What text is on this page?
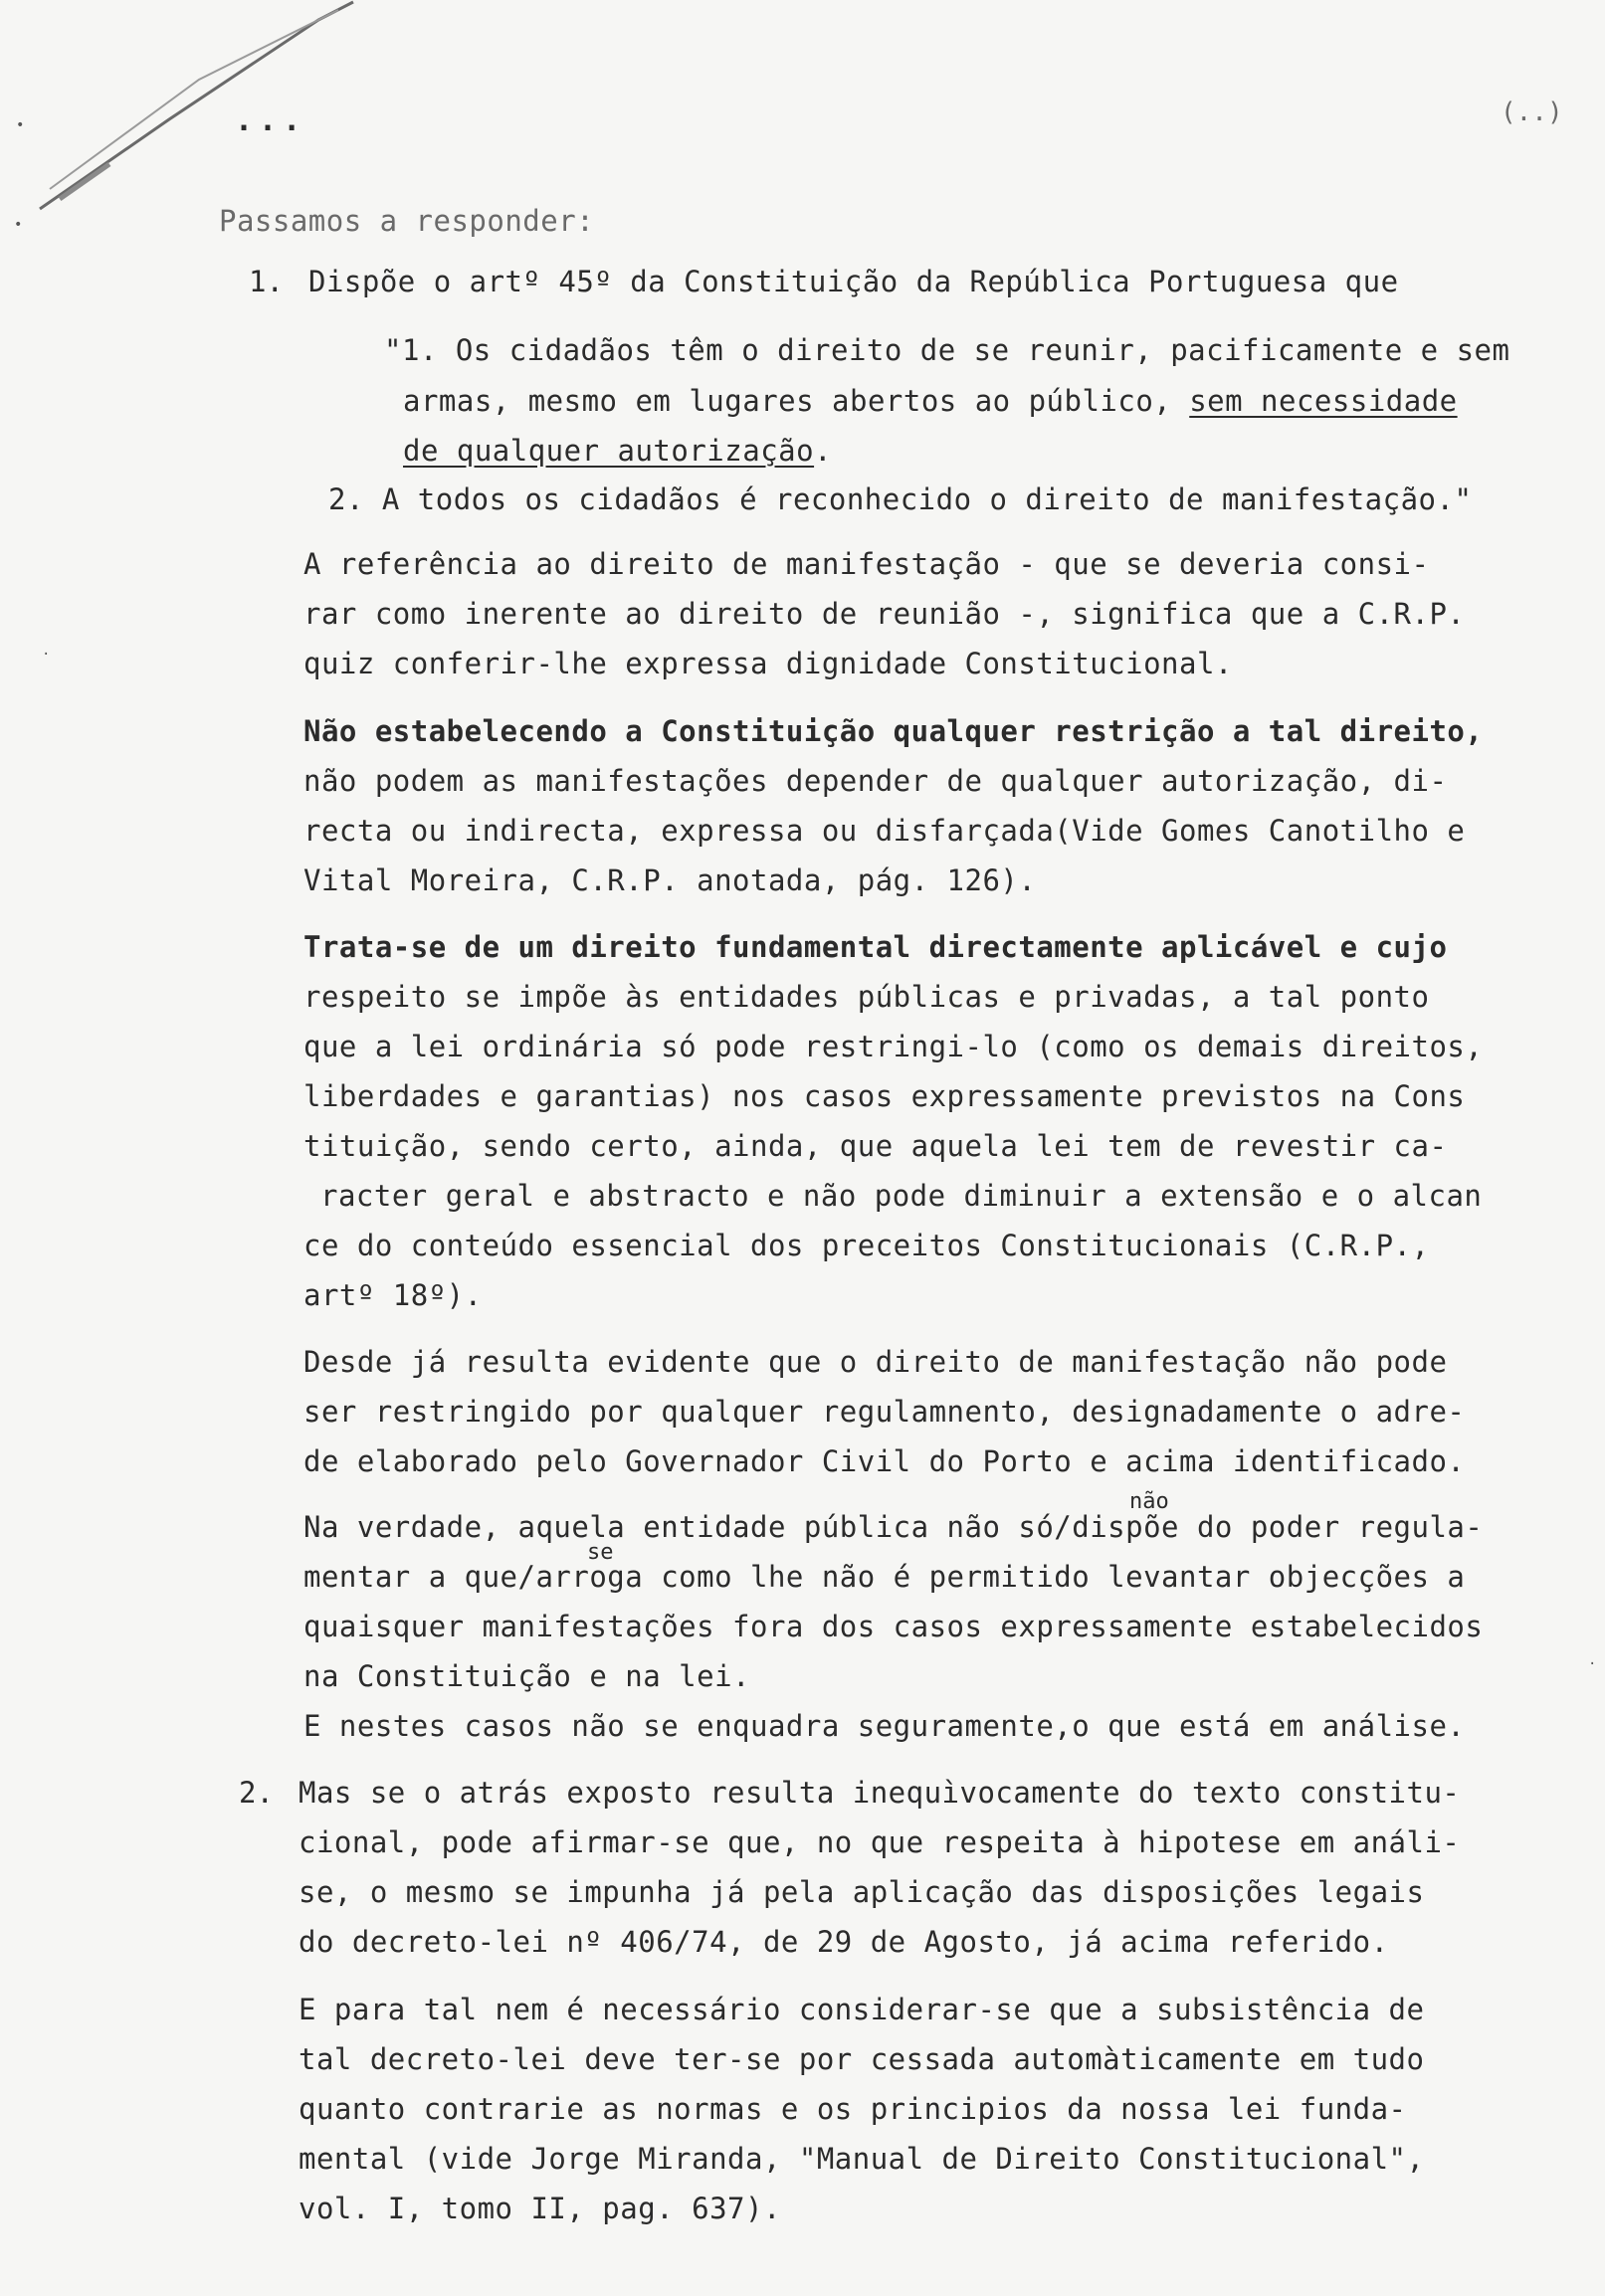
•
•
·
·
...	(..)
Passamos a responder:
1. Dispõe o artº 45º da Constituição da República Portuguesa que
"1. Os cidadãos têm o direito de se reunir, pacificamente e sem
armas, mesmo em lugares abertos ao público, sem necessidade
de qualquer autorização.
2. A todos os cidadãos é reconhecido o direito de manifestação."
A referência ao direito de manifestação - que se deveria consi-
rar como inerente ao direito de reunião -, significa que a C.R.P.
quiz conferir-lhe expressa dignidade Constitucional.
Não estabelecendo a Constituição qualquer restrição a tal direito,
não podem as manifestações depender de qualquer autorização, di-
recta ou indirecta, expressa ou disfarçada(Vide Gomes Canotilho e
Vital Moreira, C.R.P. anotada, pág. 126).
Trata-se de um direito fundamental directamente aplicável e cujo
respeito se impõe às entidades públicas e privadas, a tal ponto
que a lei ordinária só pode restringi-lo (como os demais direitos,
liberdades e garantias) nos casos expressamente previstos na Cons
tituição, sendo certo, ainda, que aquela lei tem de revestir ca-
racter geral e abstracto e não pode diminuir a extensão e o alcan
ce do conteúdo essencial dos preceitos Constitucionais (C.R.P.,
artº 18º).
Desde já resulta evidente que o direito de manifestação não pode
ser restringido por qualquer regulamnento, designadamente o adre-
de elaborado pelo Governador Civil do Porto e acima identificado.
não
Na verdade, aquela entidade pública não só/dispõe do poder regula-
se
mentar a que/arroga como lhe não é permitido levantar objecções a
quaisquer manifestações fora dos casos expressamente estabelecidos
na Constituição e na lei.
E nestes casos não se enquadra seguramente,o que está em análise.
2. Mas se o atrás exposto resulta inequìvocamente do texto constitu-
cional, pode afirmar-se que, no que respeita à hipotese em análi-
se, o mesmo se impunha já pela aplicação das disposições legais
do decreto-lei nº 406/74, de 29 de Agosto, já acima referido.
E para tal nem é necessário considerar-se que a subsistência de
tal decreto-lei deve ter-se por cessada automàticamente em tudo
quanto contrarie as normas e os principios da nossa lei funda-
mental (vide Jorge Miranda, "Manual de Direito Constitucional",
vol. I, tomo II, pag. 637).
